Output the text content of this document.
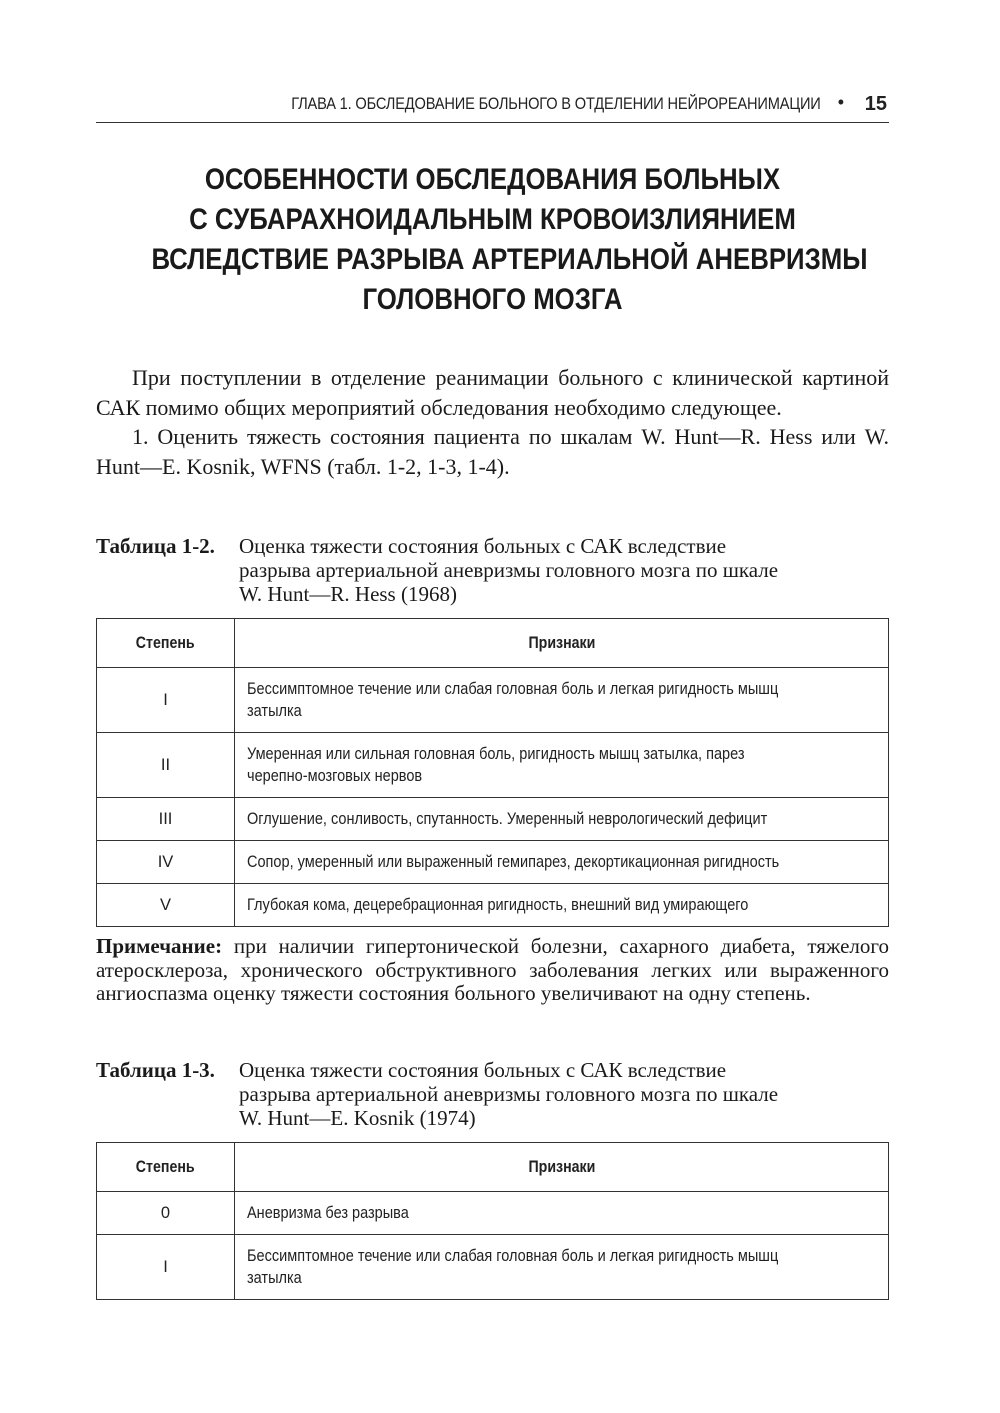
ГЛАВА 1. ОБСЛЕДОВАНИЕ БОЛЬНОГО В ОТДЕЛЕНИИ НЕЙРОРЕАНИМАЦИИ • 15
ОСОБЕННОСТИ ОБСЛЕДОВАНИЯ БОЛЬНЫХ
С СУБАРАХНОИДАЛЬНЫМ КРОВОИЗЛИЯНИЕМ
ВСЛЕДСТВИЕ РАЗРЫВА АРТЕРИАЛЬНОЙ АНЕВРИЗМЫ
ГОЛОВНОГО МОЗГА

При поступлении в отделение реанимации больного с клинической картиной САК помимо общих мероприятий обследования необходимо следующее.

1. Оценить тяжесть состояния пациента по шкалам W. Hunt—R. Hess или W. Hunt—E. Kosnik, WFNS (табл. 1-2, 1-3, 1-4).

Таблица 1-2. Оценка тяжести состояния больных с САК вследствие
разрыва артериальной аневризмы головного мозга по шкале
W. Hunt—R. Hess (1968)
Степень	Признаки
I	Бессимптомное течение или слабая головная боль и легкая ригидность мышц
затылка

II	Умеренная или сильная головная боль, ригидность мышц затылка, парез
черепно-мозговых нервов

III	Оглушение, сонливость, спутанность. Умеренный неврологический дефицит

IV	Сопор, умеренный или выраженный гемипарез, декортикационная ригидность

V	Глубокая кома, децеребрационная ригидность, внешний вид умирающего
Примечание: при наличии гипертонической болезни, сахарного диабета, тяжелого атеросклероза, хронического обструктивного заболевания легких или выраженного ангиоспазма оценку тяжести состояния больного увеличивают на одну степень.
Таблица 1-3. Оценка тяжести состояния больных с САК вследствие
разрыва артериальной аневризмы головного мозга по шкале
W. Hunt—E. Kosnik (1974)
Степень	Признаки
0	Аневризма без разрыва

I	Бессимптомное течение или слабая головная боль и легкая ригидность мышц
затылка
